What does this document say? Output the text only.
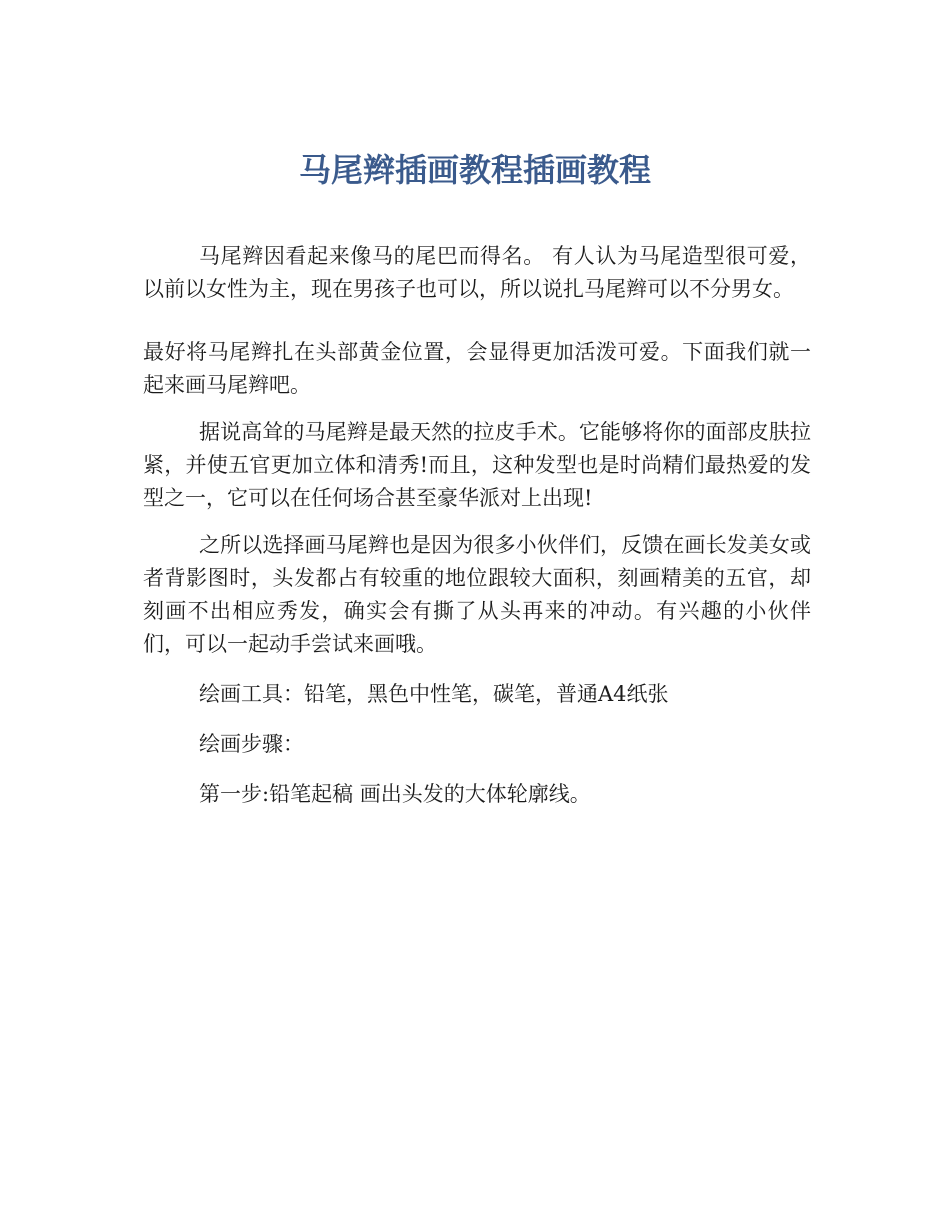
马尾辫插画教程插画教程

马尾辫因看起来像马的尾巴而得名。 有人认为马尾造型很可爱，以前以女性为主，现在男孩子也可以，所以说扎马尾辫可以不分男女。

最好将马尾辫扎在头部黄金位置，会显得更加活泼可爱。下面我们就一起来画马尾辫吧。

据说高耸的马尾辫是最天然的拉皮手术。它能够将你的面部皮肤拉紧，并使五官更加立体和清秀!而且，这种发型也是时尚精们最热爱的发型之一，它可以在任何场合甚至豪华派对上出现!

之所以选择画马尾辫也是因为很多小伙伴们，反馈在画长发美女或者背影图时，头发都占有较重的地位跟较大面积，刻画精美的五官，却刻画不出相应秀发，确实会有撕了从头再来的冲动。有兴趣的小伙伴们，可以一起动手尝试来画哦。

绘画工具：铅笔，黑色中性笔，碳笔，普通A4纸张

绘画步骤：

第一步:铅笔起稿 画出头发的大体轮廓线。
